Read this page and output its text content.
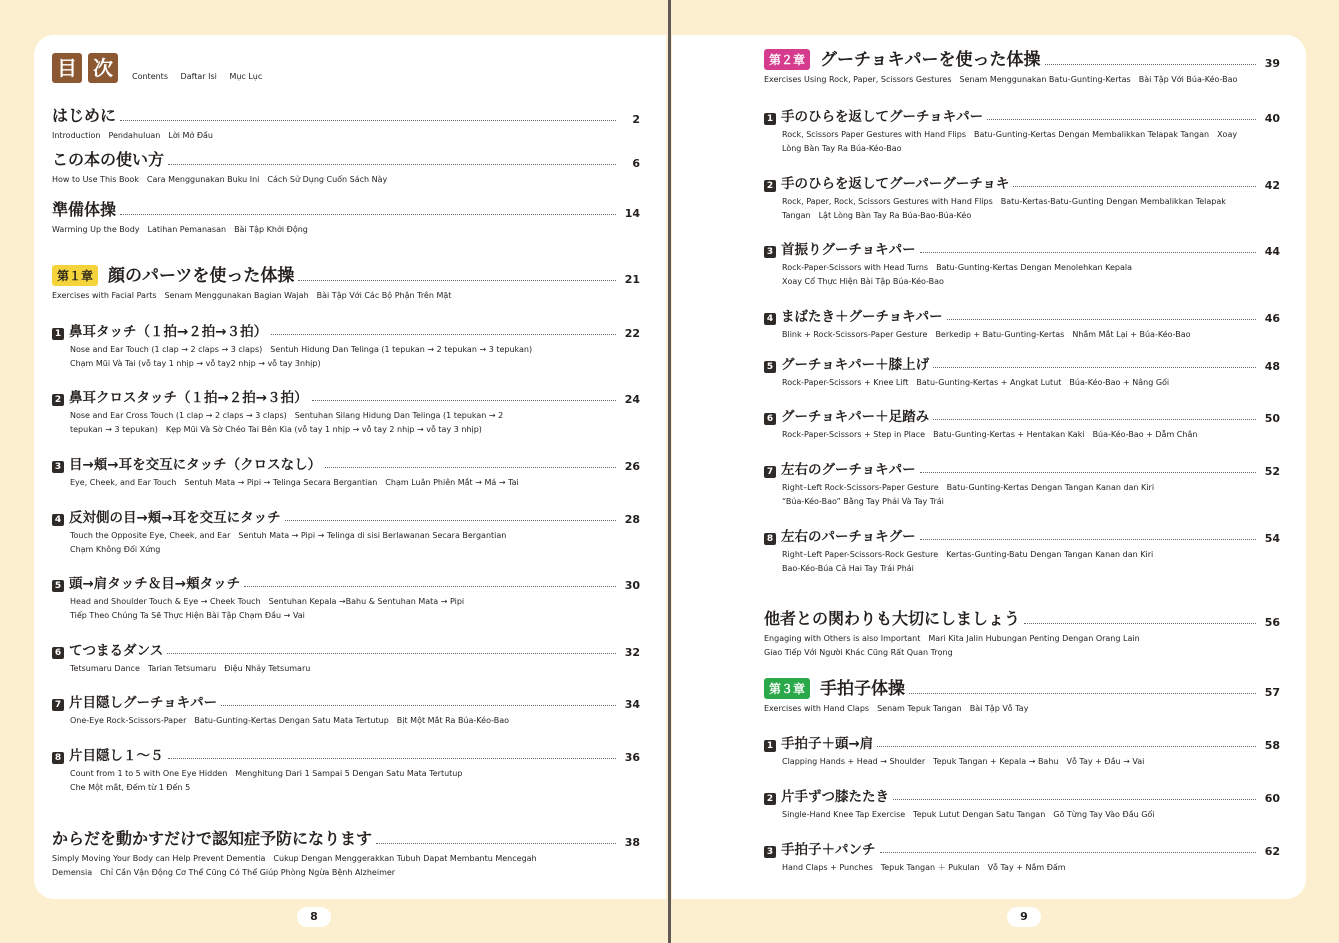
目 次	Contents Daftar Isi Mục Lục
はじめに	2
Introduction　Pendahuluan　Lời Mở Đầu
この本の使い方	6
How to Use This Book　Cara Menggunakan Buku Ini　Cách Sử Dụng Cuốn Sách Này
準備体操	14
Warming Up the Body　Latihan Pemanasan　Bài Tập Khởi Động
第１章 顔のパーツを使った体操	21
Exercises with Facial Parts　Senam Menggunakan Bagian Wajah　Bài Tập Với Các Bộ Phận Trên Mặt
1 鼻耳タッチ（１拍→２拍→３拍）	22
Nose and Ear Touch (1 clap → 2 claps → 3 claps)　Sentuh Hidung Dan Telinga (1 tepukan → 2 tepukan → 3 tepukan)
Chạm Mũi Và Tai (vỗ tay 1 nhịp → vỗ tay2 nhịp → vỗ tay 3nhịp)
2 鼻耳クロスタッチ（１拍→２拍→３拍）	24
Nose and Ear Cross Touch (1 clap → 2 claps → 3 claps)　Sentuhan Silang Hidung Dan Telinga (1 tepukan → 2
tepukan → 3 tepukan)　Kẹp Mũi Và Sờ Chéo Tai Bên Kia (vỗ tay 1 nhịp → vỗ tay 2 nhịp → vỗ tay 3 nhịp)
3 目→頬→耳を交互にタッチ（クロスなし）	26
Eye, Cheek, and Ear Touch　Sentuh Mata → Pipi → Telinga Secara Bergantian　Chạm Luân Phiên Mắt → Má → Tai
4 反対側の目→頬→耳を交互にタッチ	28
Touch the Opposite Eye, Cheek, and Ear　Sentuh Mata → Pipi → Telinga di sisi Berlawanan Secara Bergantian
Chạm Không Đối Xứng
5 頭→肩タッチ＆目→頬タッチ	30
Head and Shoulder Touch & Eye → Cheek Touch　Sentuhan Kepala →Bahu & Sentuhan Mata → Pipi
Tiếp Theo Chúng Ta Sẽ Thực Hiện Bài Tập Chạm Đầu → Vai
6 てつまるダンス	32
Tetsumaru Dance　Tarian Tetsumaru　Điệu Nhảy Tetsumaru
7 片目隠しグーチョキパー	34
One-Eye Rock-Scissors-Paper　Batu-Gunting-Kertas Dengan Satu Mata Tertutup　Bịt Một Mắt Ra Búa-Kéo-Bao
8 片目隠し１～５	36
Count from 1 to 5 with One Eye Hidden　Menghitung Dari 1 Sampai 5 Dengan Satu Mata Tertutup
Che Một mắt, Đếm từ 1 Đến 5
からだを動かすだけで認知症予防になります	38
Simply Moving Your Body can Help Prevent Dementia　Cukup Dengan Menggerakkan Tubuh Dapat Membantu Mencegah
Demensia　Chỉ Cần Vận Động Cơ Thể Cũng Có Thể Giúp Phòng Ngừa Bệnh Alzheimer
第２章 グーチョキパーを使った体操	39
Exercises Using Rock, Paper, Scissors Gestures　Senam Menggunakan Batu-Gunting-Kertas　Bài Tập Với Búa-Kéo-Bao
1 手のひらを返してグーチョキパー	40
Rock, Scissors Paper Gestures with Hand Flips　Batu-Gunting-Kertas Dengan Membalikkan Telapak Tangan　Xoay
Lòng Bàn Tay Ra Búa-Kéo-Bao
2 手のひらを返してグーパーグーチョキ	42
Rock, Paper, Rock, Scissors Gestures with Hand Flips　Batu-Kertas-Batu-Gunting Dengan Membalikkan Telapak
Tangan　Lật Lòng Bàn Tay Ra Búa-Bao-Búa-Kéo
3 首振りグーチョキパー	44
Rock-Paper-Scissors with Head Turns　Batu-Gunting-Kertas Dengan Menolehkan Kepala
Xoay Cổ Thực Hiện Bài Tập Búa-Kéo-Bao
4 まばたき＋グーチョキパー	46
Blink + Rock-Scissors-Paper Gesture　Berkedip + Batu-Gunting-Kertas　Nhắm Mắt Lại + Búa-Kéo-Bao
5 グーチョキパー＋膝上げ	48
Rock-Paper-Scissors + Knee Lift　Batu-Gunting-Kertas + Angkat Lutut　Búa-Kéo-Bao + Nâng Gối
6 グーチョキパー＋足踏み	50
Rock-Paper-Scissors + Step in Place　Batu-Gunting-Kertas + Hentakan Kaki　Búa-Kéo-Bao + Dẫm Chân
7 左右のグーチョキパー	52
Right–Left Rock-Scissors-Paper Gesture　Batu-Gunting-Kertas Dengan Tangan Kanan dan Kiri
“Búa-Kéo-Bao” Bằng Tay Phải Và Tay Trái
8 左右のパーチョキグー	54
Right–Left Paper-Scissors-Rock Gesture　Kertas-Gunting-Batu Dengan Tangan Kanan dan Kiri
Bao-Kéo-Búa Cả Hai Tay Trái Phải
他者との関わりも大切にしましょう	56
Engaging with Others is also Important　Mari Kita Jalin Hubungan Penting Dengan Orang Lain
Giao Tiếp Với Người Khác Cũng Rất Quan Trọng
第３章 手拍子体操	57
Exercises with Hand Claps　Senam Tepuk Tangan　Bài Tập Vỗ Tay
1 手拍子＋頭→肩	58
Clapping Hands + Head → Shoulder　Tepuk Tangan + Kepala → Bahu　Vỗ Tay + Đầu → Vai
2 片手ずつ膝たたき	60
Single-Hand Knee Tap Exercise　Tepuk Lutut Dengan Satu Tangan　Gõ Từng Tay Vào Đầu Gối
3 手拍子＋パンチ	62
Hand Claps + Punches　Tepuk Tangan ＋ Pukulan　Vỗ Tay + Nắm Đấm
8	9
